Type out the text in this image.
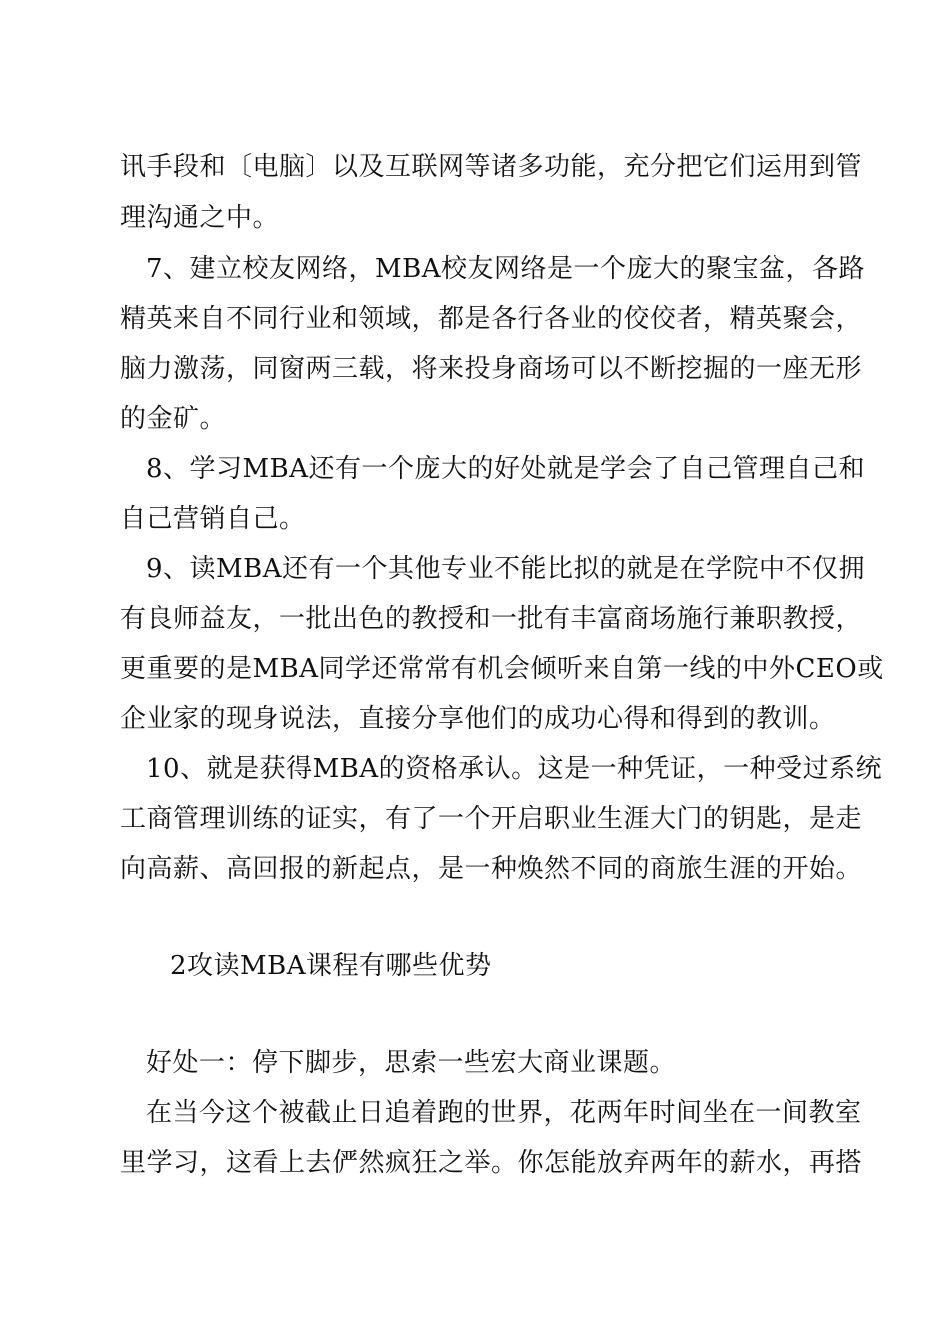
讯手段和〔电脑〕以及互联网等诸多功能，充分把它们运用到管
理沟通之中。
7、建立校友网络，MBA校友网络是一个庞大的聚宝盆，各路
精英来自不同行业和领域，都是各行各业的佼佼者，精英聚会，
脑力激荡，同窗两三载，将来投身商场可以不断挖掘的一座无形
的金矿。
8、学习MBA还有一个庞大的好处就是学会了自己管理自己和
自己营销自己。
9、读MBA还有一个其他专业不能比拟的就是在学院中不仅拥
有良师益友，一批出色的教授和一批有丰富商场施行兼职教授，
更重要的是MBA同学还常常有机会倾听来自第一线的中外CEO或
企业家的现身说法，直接分享他们的成功心得和得到的教训。
10、就是获得MBA的资格承认。这是一种凭证，一种受过系统
工商管理训练的证实，有了一个开启职业生涯大门的钥匙，是走
向高薪、高回报的新起点，是一种焕然不同的商旅生涯的开始。
2攻读MBA课程有哪些优势
好处一：停下脚步，思索一些宏大商业课题。
在当今这个被截止日追着跑的世界，花两年时间坐在一间教室
里学习，这看上去俨然疯狂之举。你怎能放弃两年的薪水，再搭
